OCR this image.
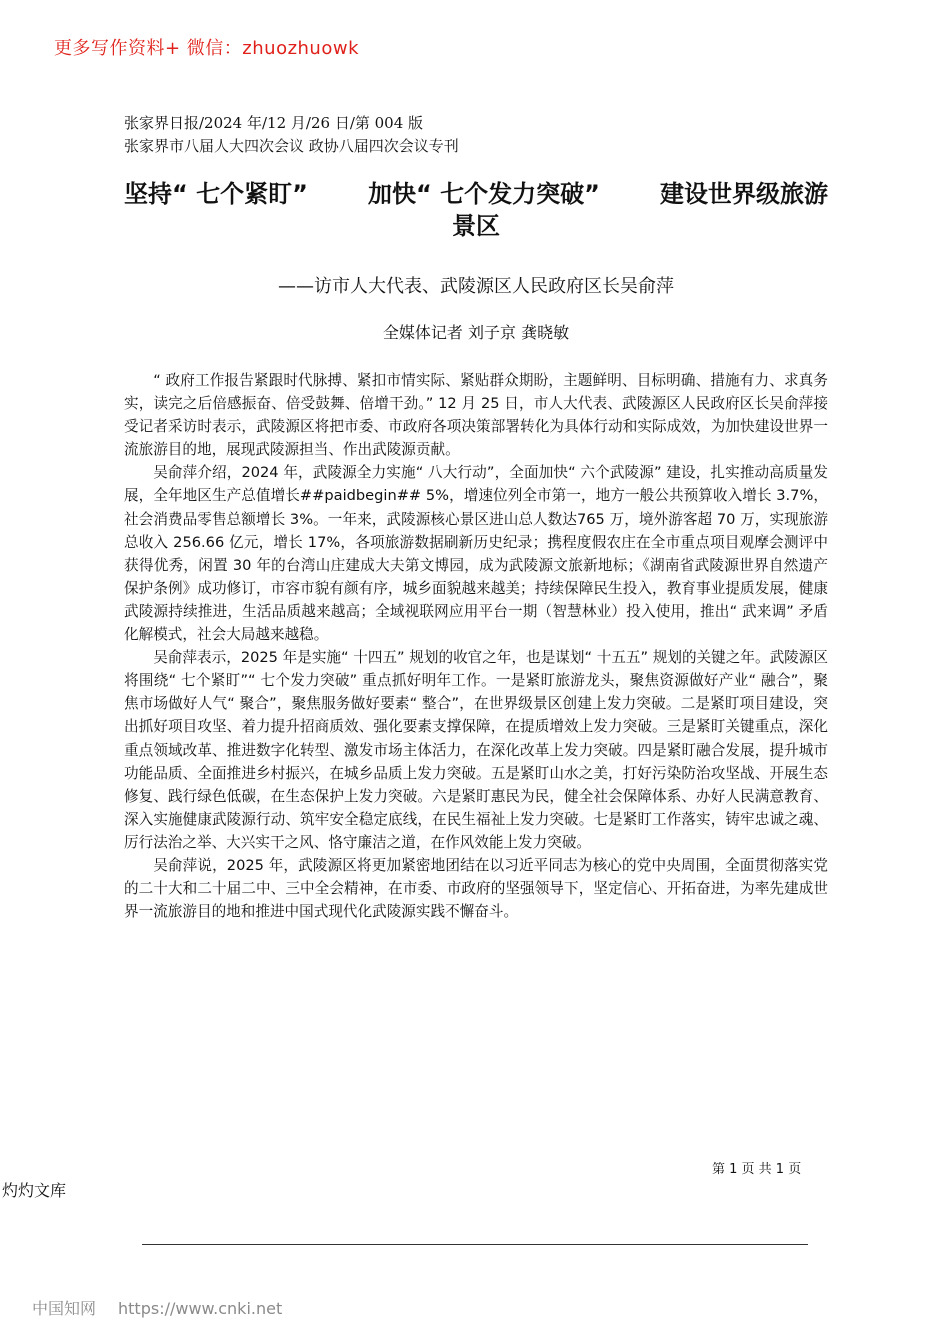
更多写作资料+ 微信：zhuozhuowk
张家界日报/2024 年/12 月/26 日/第 004 版
张家界市八届人大四次会议 政协八届四次会议专刊
坚持“ 七个紧盯”	加快“ 七个发力突破”	建设世界级旅游
景区
——访市人大代表、武陵源区人民政府区长吴俞萍
全媒体记者 刘子京 龚晓敏

“ 政府工作报告紧跟时代脉搏、紧扣市情实际、紧贴群众期盼，主题鲜明、目标明确、措施有力、求真务实，读完之后倍感振奋、倍受鼓舞、倍增干劲。” 12 月 25 日，市人大代表、武陵源区人民政府区长吴俞萍接受记者采访时表示，武陵源区将把市委、市政府各项决策部署转化为具体行动和实际成效，为加快建设世界一流旅游目的地，展现武陵源担当、作出武陵源贡献。

吴俞萍介绍，2024 年，武陵源全力实施“ 八大行动”，全面加快“ 六个武陵源” 建设，扎实推动高质量发展，全年地区生产总值增长##paidbegin## 5%，增速位列全市第一，地方一般公共预算收入增长 3.7%，社会消费品零售总额增长 3%。一年来，武陵源核心景区进山总人数达765 万，境外游客超 70 万，实现旅游总收入 256.66 亿元，增长 17%，各项旅游数据刷新历史纪录；携程度假农庄在全市重点项目观摩会测评中获得优秀，闲置 30 年的台湾山庄建成大夫第文博园，成为武陵源文旅新地标；《湖南省武陵源世界自然遗产保护条例》成功修订，市容市貌有颜有序，城乡面貌越来越美；持续保障民生投入，教育事业提质发展，健康武陵源持续推进，生活品质越来越高；全域视联网应用平台一期（智慧林业）投入使用，推出“ 武来调” 矛盾化解模式，社会大局越来越稳。

吴俞萍表示，2025 年是实施“ 十四五” 规划的收官之年，也是谋划“ 十五五” 规划的关键之年。武陵源区将围绕“ 七个紧盯”“ 七个发力突破” 重点抓好明年工作。一是紧盯旅游龙头，聚焦资源做好产业“ 融合”，聚焦市场做好人气“ 聚合”，聚焦服务做好要素“ 整合”，在世界级景区创建上发力突破。二是紧盯项目建设，突出抓好项目攻坚、着力提升招商质效、强化要素支撑保障，在提质增效上发力突破。三是紧盯关键重点，深化重点领域改革、推进数字化转型、激发市场主体活力，在深化改革上发力突破。四是紧盯融合发展，提升城市功能品质、全面推进乡村振兴，在城乡品质上发力突破。五是紧盯山水之美，打好污染防治攻坚战、开展生态修复、践行绿色低碳，在生态保护上发力突破。六是紧盯惠民为民，健全社会保障体系、办好人民满意教育、深入实施健康武陵源行动、筑牢安全稳定底线，在民生福祉上发力突破。七是紧盯工作落实，铸牢忠诚之魂、厉行法治之举、大兴实干之风、恪守廉洁之道，在作风效能上发力突破。

吴俞萍说，2025 年，武陵源区将更加紧密地团结在以习近平同志为核心的党中央周围，全面贯彻落实党的二十大和二十届二中、三中全会精神，在市委、市政府的坚强领导下，坚定信心、开拓奋进，为率先建成世界一流旅游目的地和推进中国式现代化武陵源实践不懈奋斗。

第 1 页 共 1 页
灼灼文库
中国知网 https://www.cnki.net
